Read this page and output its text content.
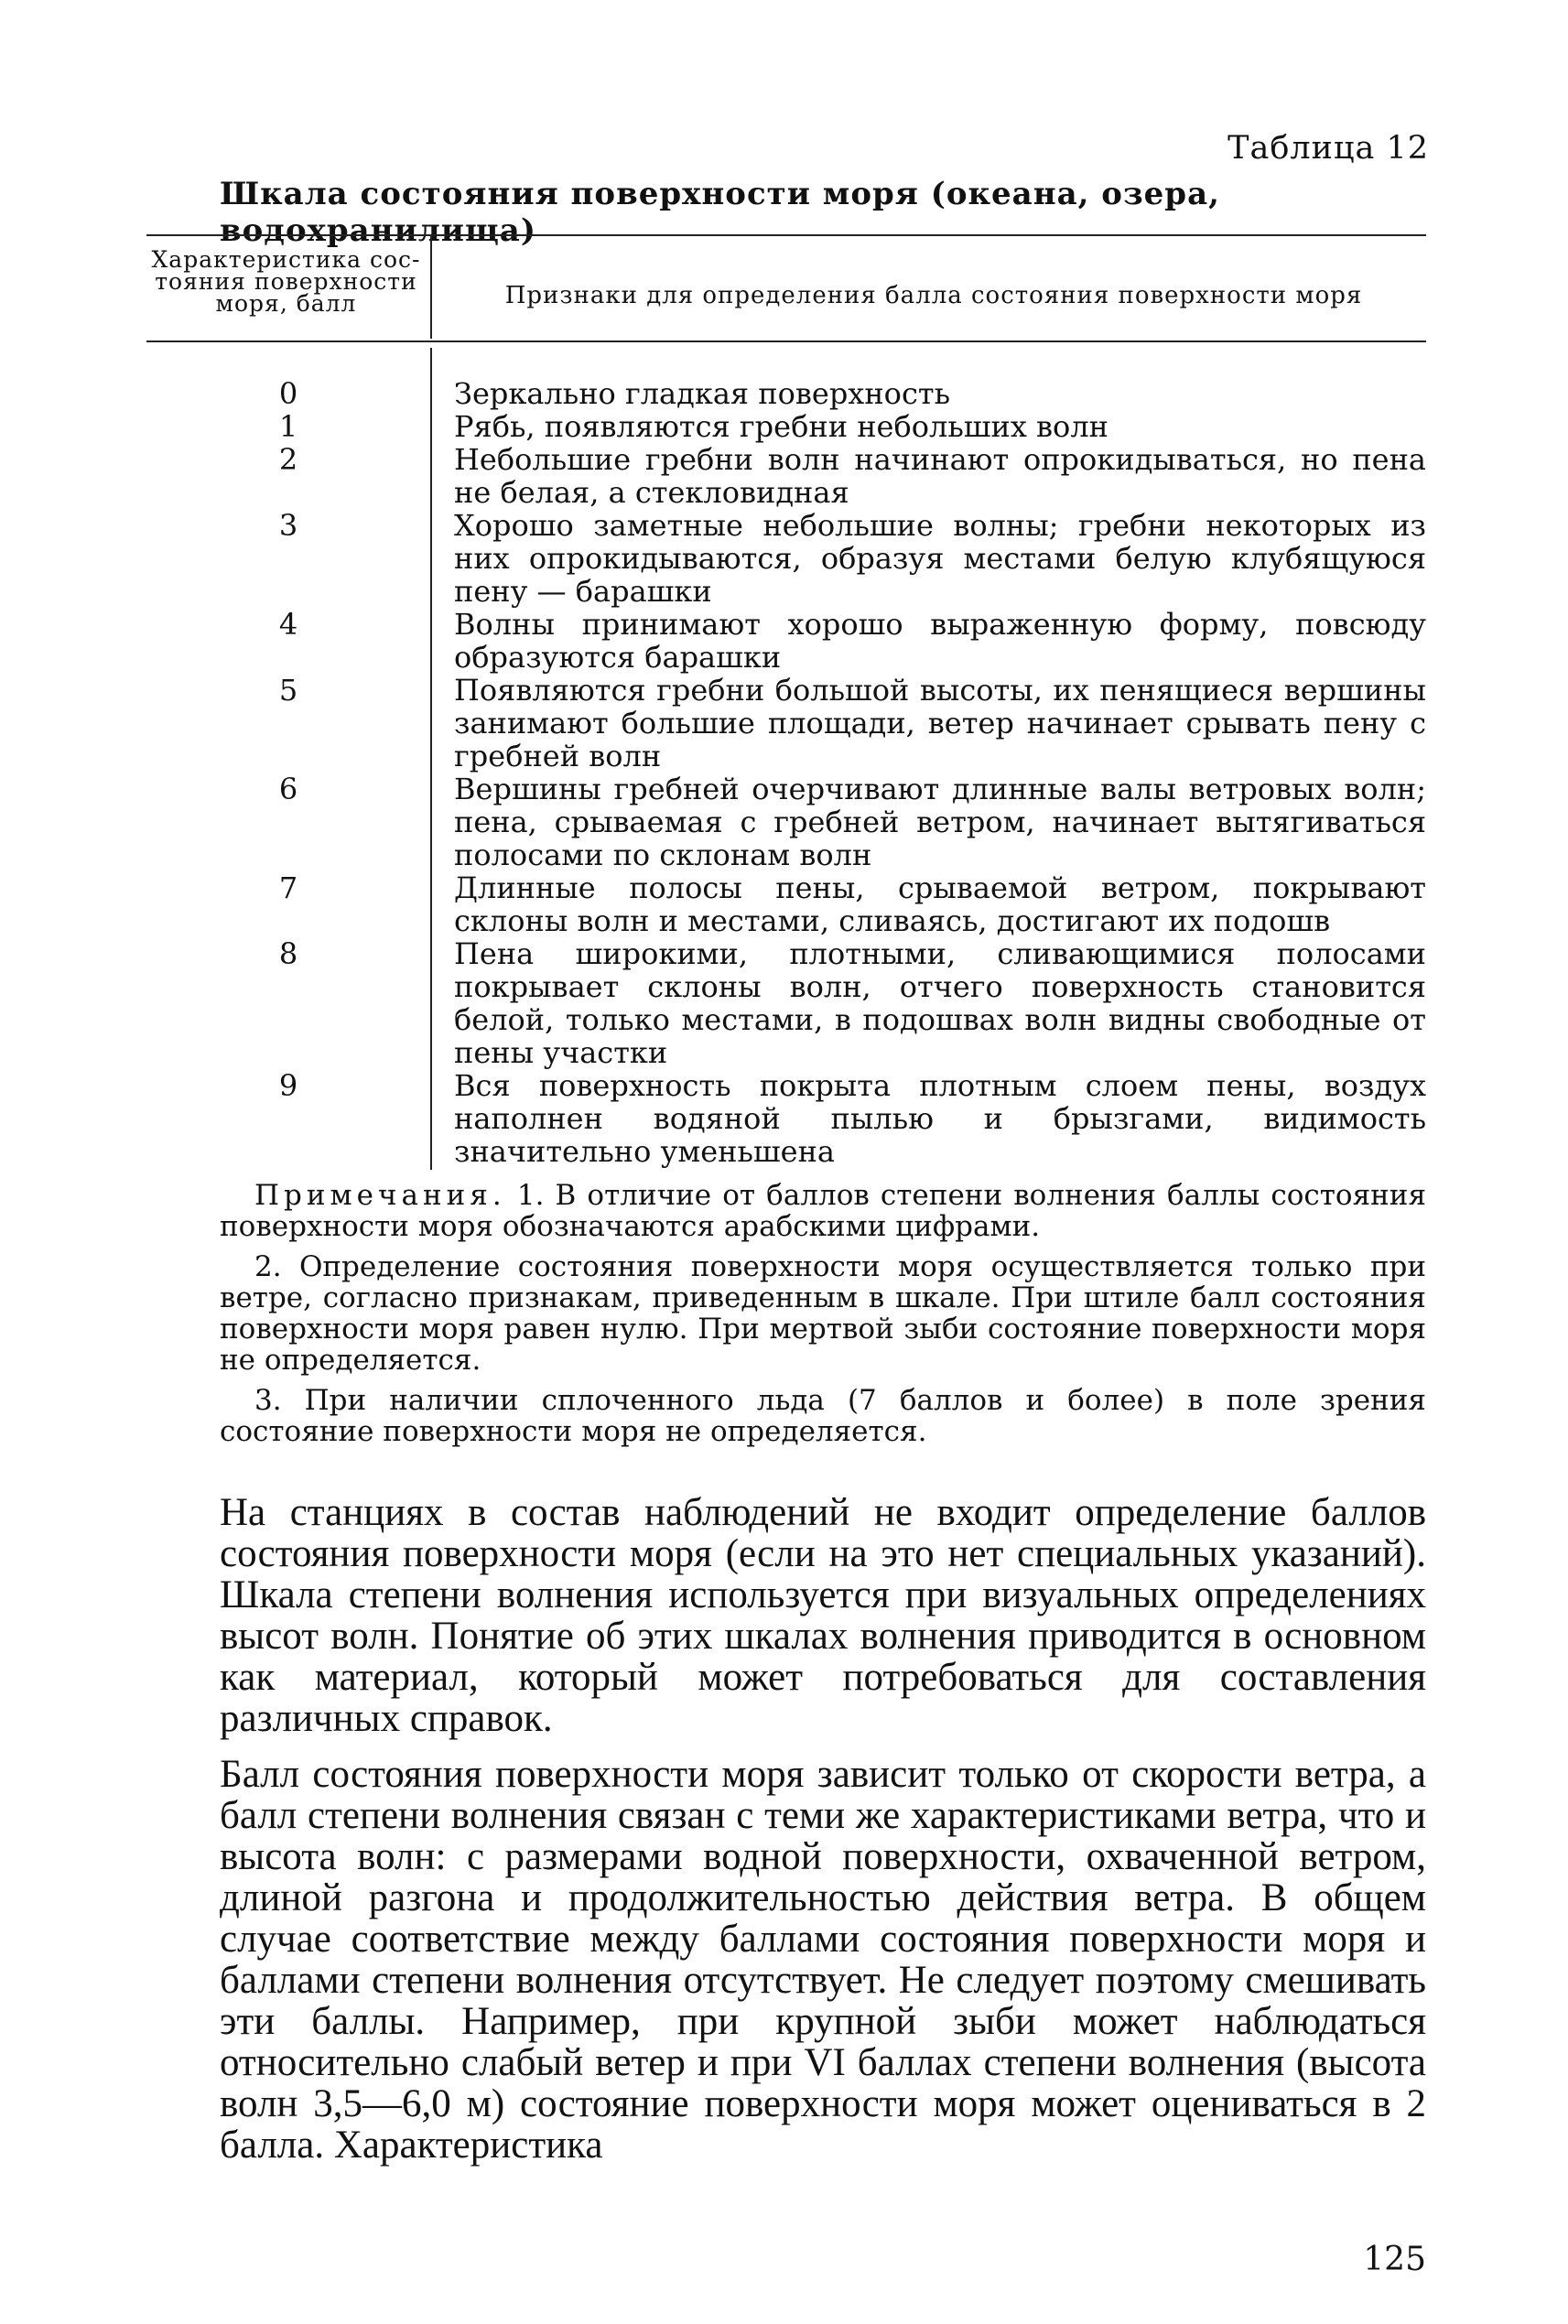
Таблица 12
Шкала состояния поверхности моря (океана, озера, водохранилища)
Характеристика сос-тояния поверхности моря, балл	Признаки для определения балла состояния поверхности моря
0	Зеркально гладкая поверхность
1	Рябь, появляются гребни небольших волн
2	Небольшие гребни волн начинают опрокидываться, но пена не белая, а стекловидная
3	Хорошо заметные небольшие волны; гребни некоторых из них опрокидываются, образуя местами белую клубящуюся пену — барашки
4	Волны принимают хорошо выраженную форму, повсюду образуются барашки
5	Появляются гребни большой высоты, их пенящиеся вершины занимают большие площади, ветер начинает срывать пену с гребней волн
6	Вершины гребней очерчивают длинные валы ветровых волн; пена, срываемая с гребней ветром, начинает вытягиваться полосами по склонам волн
7	Длинные полосы пены, срываемой ветром, покрывают склоны волн и местами, сливаясь, достигают их подошв
8	Пена широкими, плотными, сливающимися полосами покрывает склоны волн, отчего поверхность становится белой, только местами, в подошвах волн видны свободные от пены участки
9	Вся поверхность покрыта плотным слоем пены, воздух наполнен водяной пылью и брызгами, видимость значительно уменьшена

Примечания. 1. В отличие от баллов степени волнения баллы состояния поверхности моря обозначаются арабскими цифрами.

2. Определение состояния поверхности моря осуществляется только при ветре, согласно признакам, приведенным в шкале. При штиле балл состояния поверхности моря равен нулю. При мертвой зыби состояние поверхности моря не определяется.

3. При наличии сплоченного льда (7 баллов и более) в поле зрения состояние поверхности моря не определяется.

На станциях в состав наблюдений не входит определение баллов состояния поверхности моря (если на это нет специальных указаний). Шкала степени волнения используется при визуальных определениях высот волн. Понятие об этих шкалах волнения приводится в основном как материал, который может потребоваться для составления различных справок.

Балл состояния поверхности моря зависит только от скорости ветра, а балл степени волнения связан с теми же характеристиками ветра, что и высота волн: с размерами водной поверхности, охваченной ветром, длиной разгона и продолжительностью действия ветра. В общем случае соответствие между баллами состояния поверхности моря и баллами степени волнения отсутствует. Не следует поэтому смешивать эти баллы. Например, при крупной зыби может наблюдаться относительно слабый ветер и при VI баллах степени волнения (высота волн 3,5—6,0 м) состояние поверхности моря может оцениваться в 2 балла. Характеристика

125
